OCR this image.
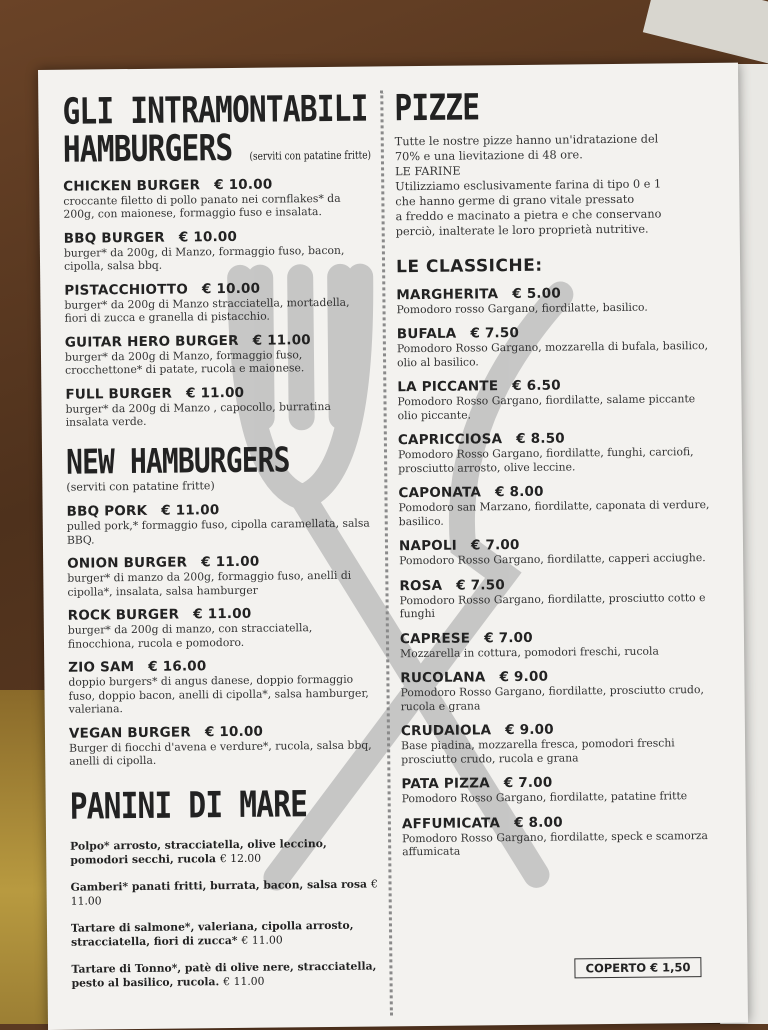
GLI INTRAMONTABILI
HAMBURGERS (serviti con patatine fritte)
CHICKEN BURGER € 10.00
croccante filetto di pollo panato nei cornflakes* da 200g, con maionese, formaggio fuso e insalata.
BBQ BURGER € 10.00
burger* da 200g, di Manzo, formaggio fuso, bacon, cipolla, salsa bbq.
PISTACCHIOTTO € 10.00
burger* da 200g di Manzo stracciatella, mortadella, fiori di zucca e granella di pistacchio.
GUITAR HERO BURGER € 11.00
burger* da 200g di Manzo, formaggio fuso, crocchettone* di patate, rucola e maionese.
FULL BURGER € 11.00
burger* da 200g di Manzo , capocollo, burratina insalata verde.
NEW HAMBURGERS
(serviti con patatine fritte)
BBQ PORK € 11.00
pulled pork,* formaggio fuso, cipolla caramellata, salsa BBQ.
ONION BURGER € 11.00
burger* di manzo da 200g, formaggio fuso, anelli di cipolla*, insalata, salsa hamburger
ROCK BURGER € 11.00
burger* da 200g di manzo, con stracciatella, finocchiona, rucola e pomodoro.
ZIO SAM € 16.00
doppio burgers* di angus danese, doppio formaggio fuso, doppio bacon, anelli di cipolla*, salsa hamburger, valeriana.
VEGAN BURGER € 10.00
Burger di fiocchi d'avena e verdure*, rucola, salsa bbq, anelli di cipolla.
PANINI DI MARE
Polpo* arrosto, stracciatella, olive leccino, pomodori secchi, rucola € 12.00
Gamberi* panati fritti, burrata, bacon, salsa rosa € 11.00
Tartare di salmone*, valeriana, cipolla arrosto, stracciatella, fiori di zucca* € 11.00
Tartare di Tonno*, patè di olive nere, stracciatella, pesto al basilico, rucola. € 11.00
PIZZE
Tutte le nostre pizze hanno un'idratazione del
70% e una lievitazione di 48 ore.
LE FARINE
Utilizziamo esclusivamente farina di tipo 0 e 1
che hanno germe di grano vitale pressato
a freddo e macinato a pietra e che conservano
perciò, inalterate le loro proprietà nutritive.
LE CLASSICHE:
MARGHERITA € 5.00
Pomodoro rosso Gargano, fiordilatte, basilico.
BUFALA € 7.50
Pomodoro Rosso Gargano, mozzarella di bufala, basilico, olio al basilico.
LA PICCANTE € 6.50
Pomodoro Rosso Gargano, fiordilatte, salame piccante olio piccante.
CAPRICCIOSA € 8.50
Pomodoro Rosso Gargano, fiordilatte, funghi, carciofi, prosciutto arrosto, olive leccine.
CAPONATA € 8.00
Pomodoro san Marzano, fiordilatte, caponata di verdure, basilico.
NAPOLI € 7.00
Pomodoro Rosso Gargano, fiordilatte, capperi acciughe.
ROSA € 7.50
Pomodoro Rosso Gargano, fiordilatte, prosciutto cotto e funghi
CAPRESE € 7.00
Mozzarella in cottura, pomodori freschi, rucola
RUCOLANA € 9.00
Pomodoro Rosso Gargano, fiordilatte, prosciutto crudo, rucola e grana
CRUDAIOLA € 9.00
Base piadina, mozzarella fresca, pomodori freschi prosciutto crudo, rucola e grana
PATA PIZZA € 7.00
Pomodoro Rosso Gargano, fiordilatte, patatine fritte
AFFUMICATA € 8.00
Pomodoro Rosso Gargano, fiordilatte, speck e scamorza affumicata
COPERTO € 1,50
